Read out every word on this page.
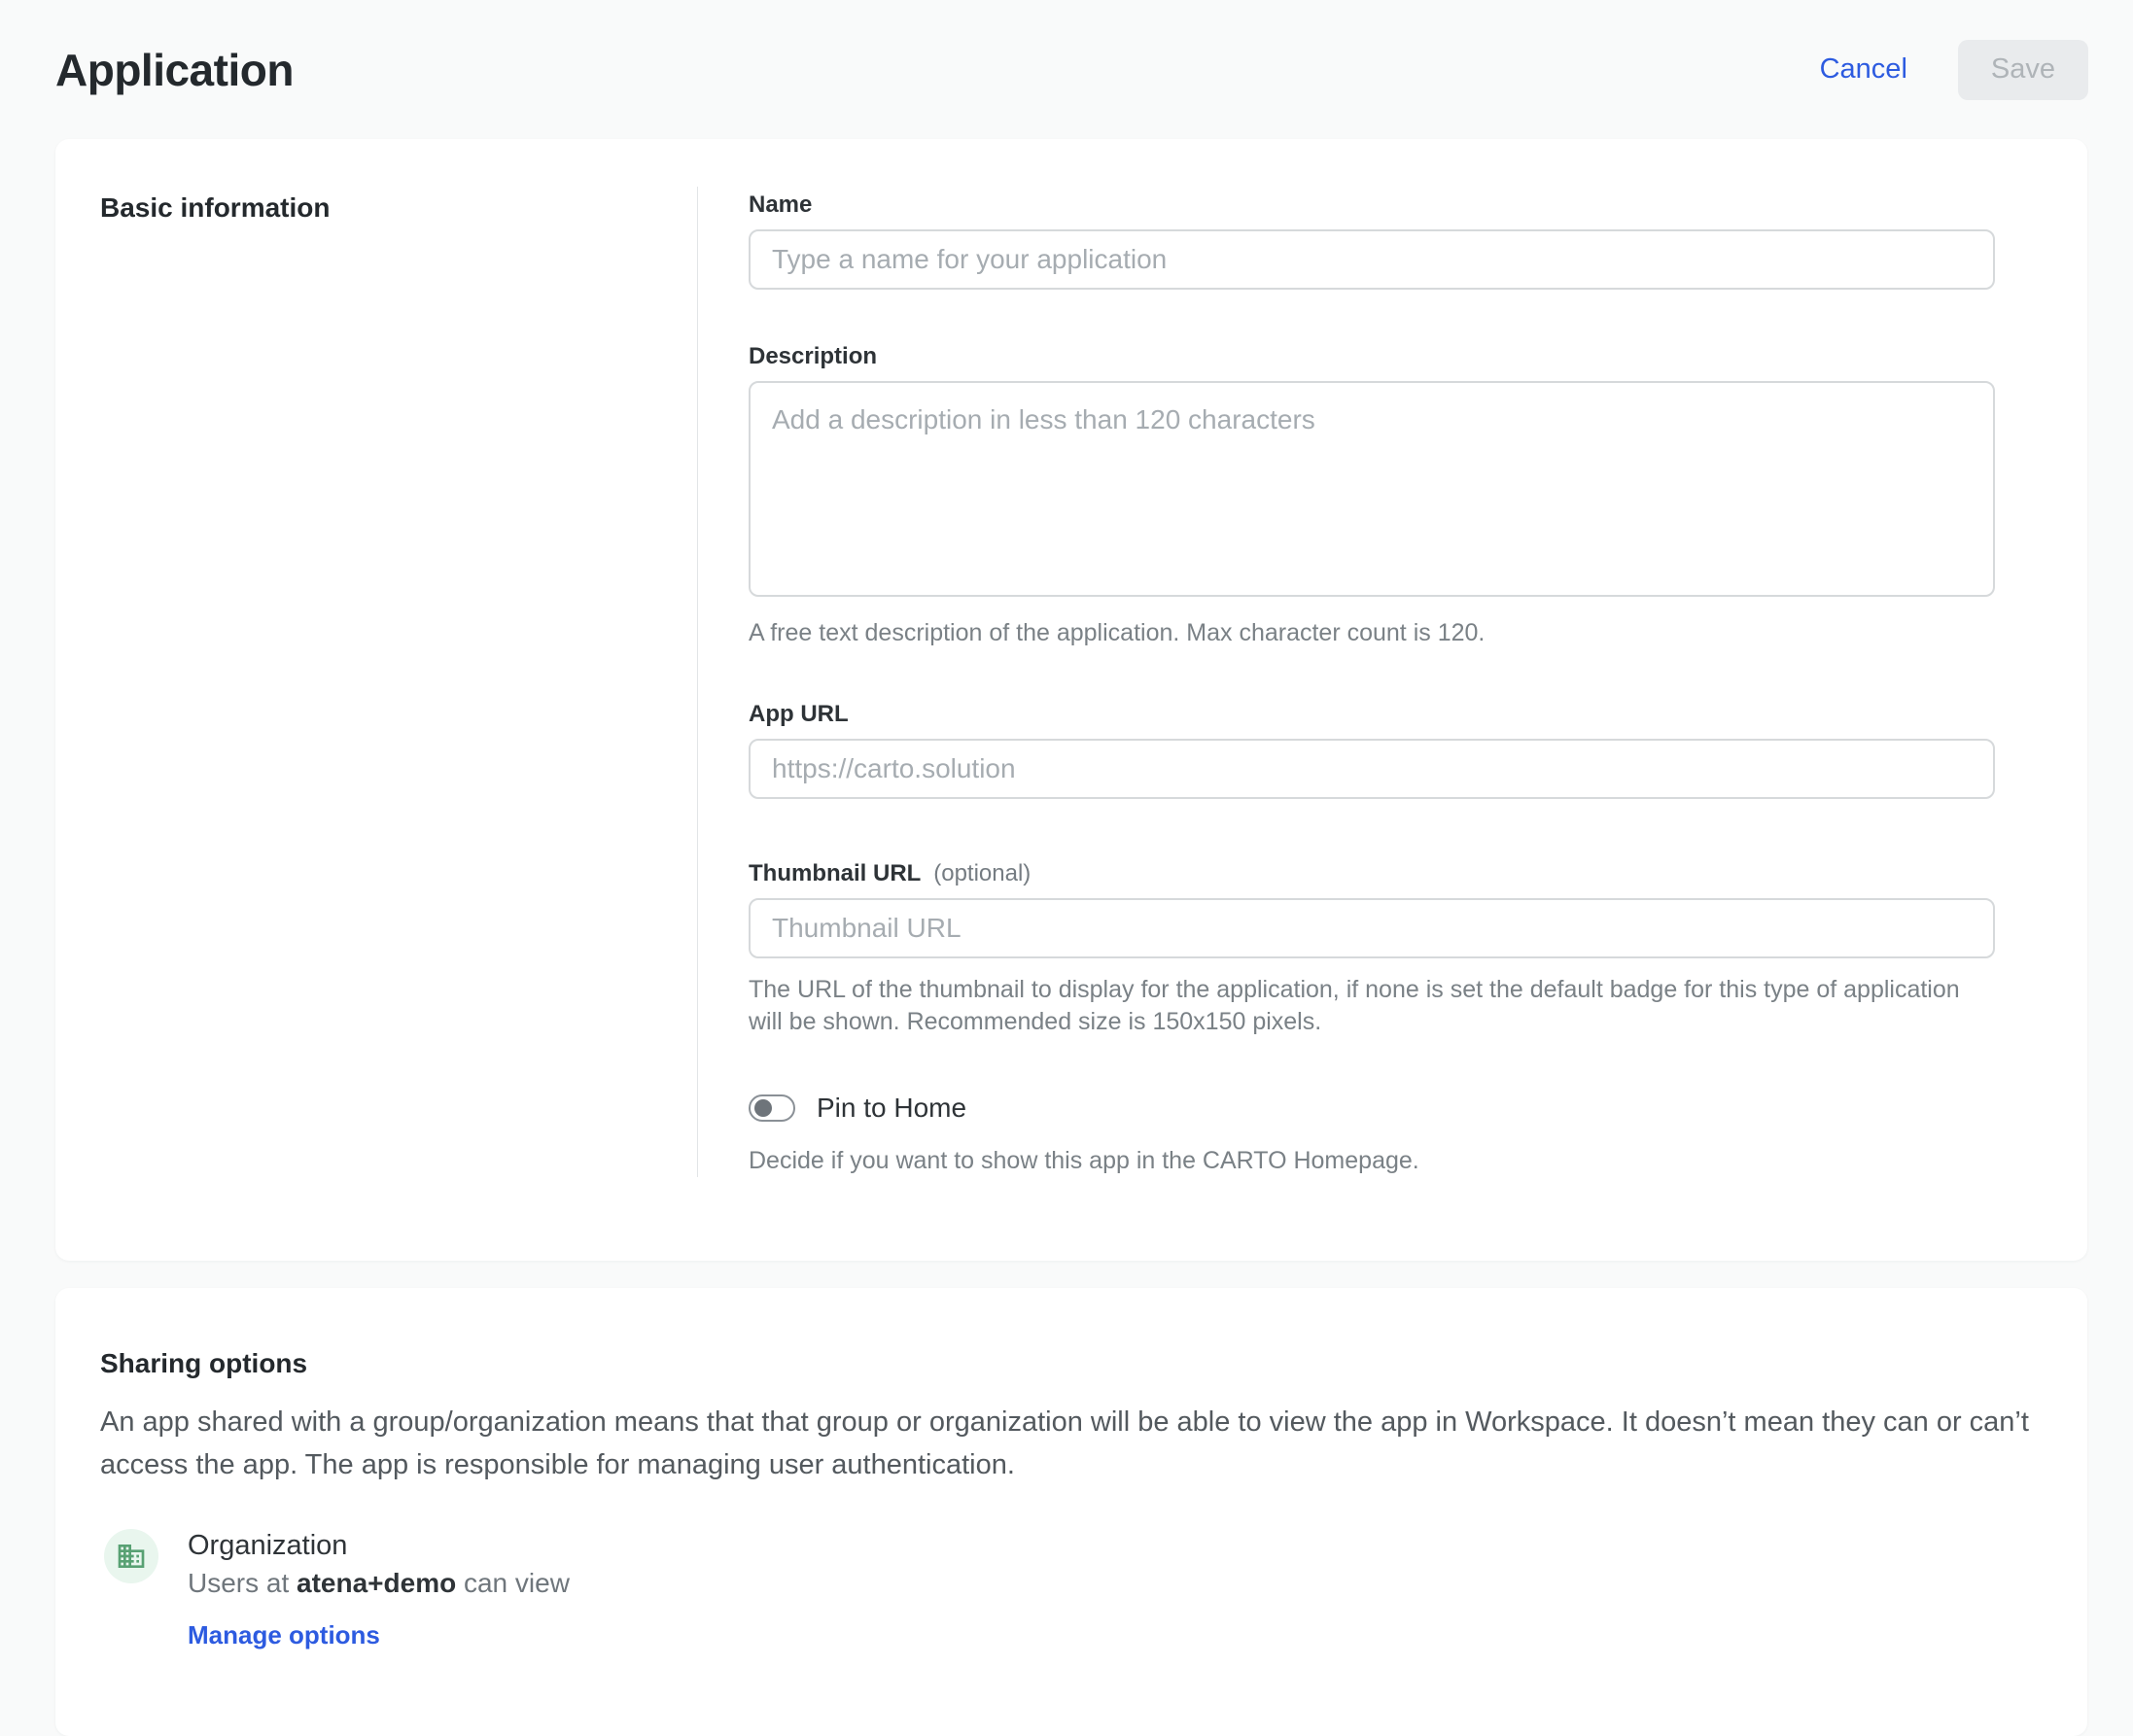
Application	Cancel	Save
Basic information	Name
Type a name for your application
Description
Add a description in less than 120 characters
A free text description of the application. Max character count is 120.
App URL
https://carto.solution
Thumbnail URL (optional)
Thumbnail URL
The URL of the thumbnail to display for the application, if none is set the default badge for this type of application will be shown. Recommended size is 150x150 pixels.
Pin to Home
Decide if you want to show this app in the CARTO Homepage.
Sharing options

An app shared with a group/organization means that that group or organization will be able to view the app in Workspace. It doesn’t mean they can or can’t access the app. The app is responsible for managing user authentication.

Organization
Users at atena+demo can view
Manage options
